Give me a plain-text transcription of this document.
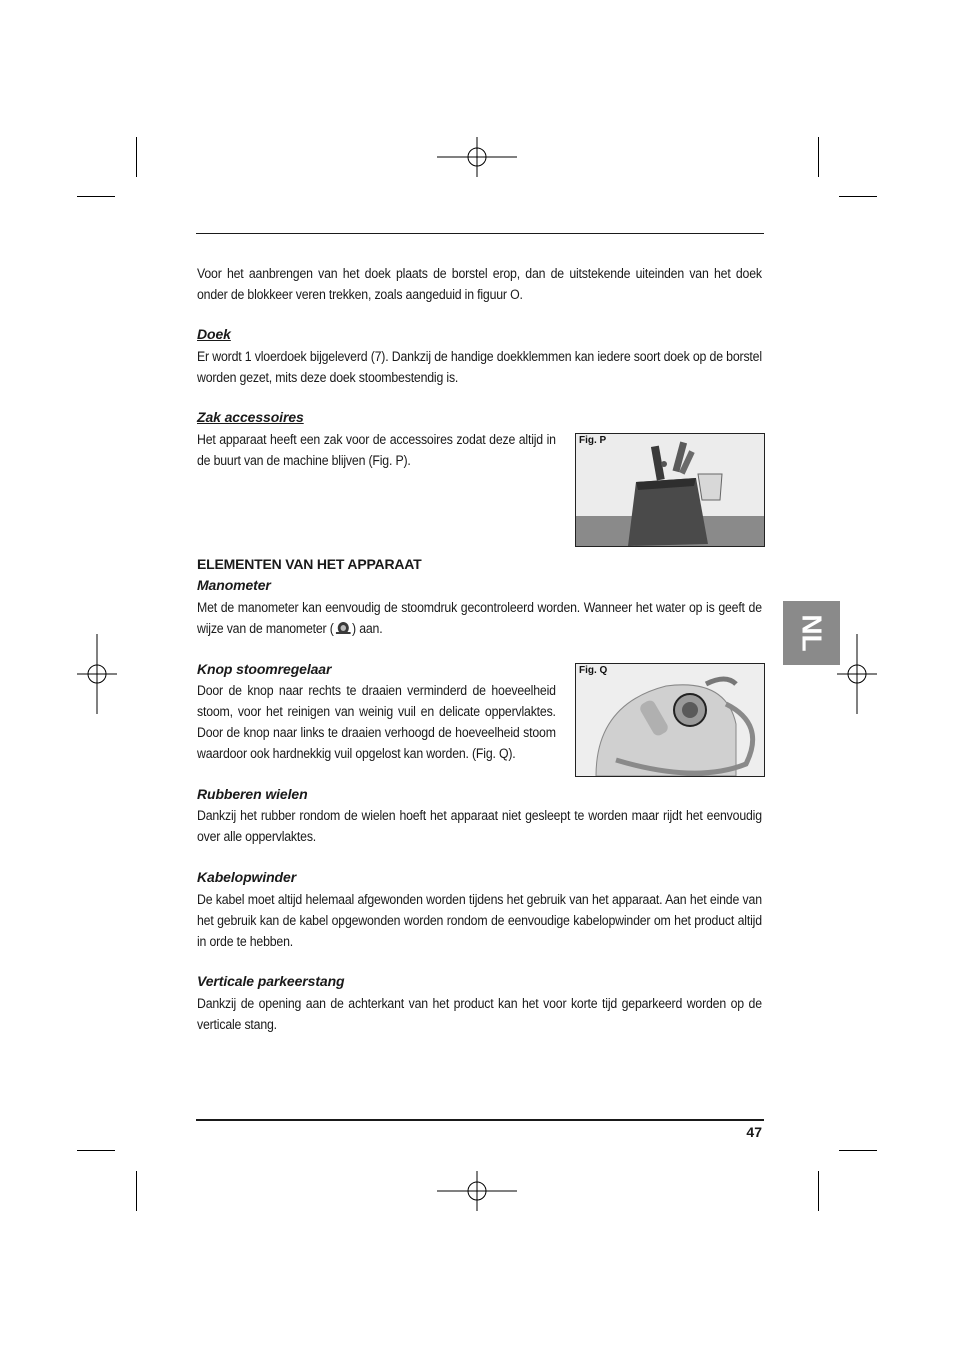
Voor het aanbrengen van het doek plaats de borstel erop, dan de uitstekende uiteinden van het doek onder de blokkeer veren trekken, zoals aangeduid in figuur O.
Doek
Er wordt 1 vloerdoek bijgeleverd (7). Dankzij de handige doekklemmen kan iedere soort doek op de borstel worden gezet, mits deze doek stoombestendig is.
Zak accessoires
Het apparaat heeft een zak voor de accessoires zodat deze altijd in de buurt van de machine blijven (Fig. P).
Fig. P
ELEMENTEN VAN HET APPARAAT
Manometer
Met de manometer kan eenvoudig de stoomdruk gecontroleerd worden. Wanneer het water op is geeft de wijze van de manometer ( ) aan.	NL
Knop stoomregelaar
Door de knop naar rechts te draaien verminderd de hoeveelheid stoom, voor het reinigen van weinig vuil en delicate oppervlaktes. Door de knop naar links te draaien verhoogd de hoeveelheid stoom waardoor ook hardnekkig vuil opgelost kan worden. (Fig. Q).
Fig. Q
Rubberen wielen
Dankzij het rubber rondom de wielen hoeft het apparaat niet gesleept te worden maar rijdt het eenvoudig over alle oppervlaktes.
Kabelopwinder
De kabel moet altijd helemaal afgewonden worden tijdens het gebruik van het apparaat. Aan het einde van het gebruik kan de kabel opgewonden worden rondom de eenvoudige kabelopwinder om het product altijd in orde te hebben.
Verticale parkeerstang
Dankzij de opening aan de achterkant van het product kan het voor korte tijd geparkeerd worden op de verticale stang.
47
